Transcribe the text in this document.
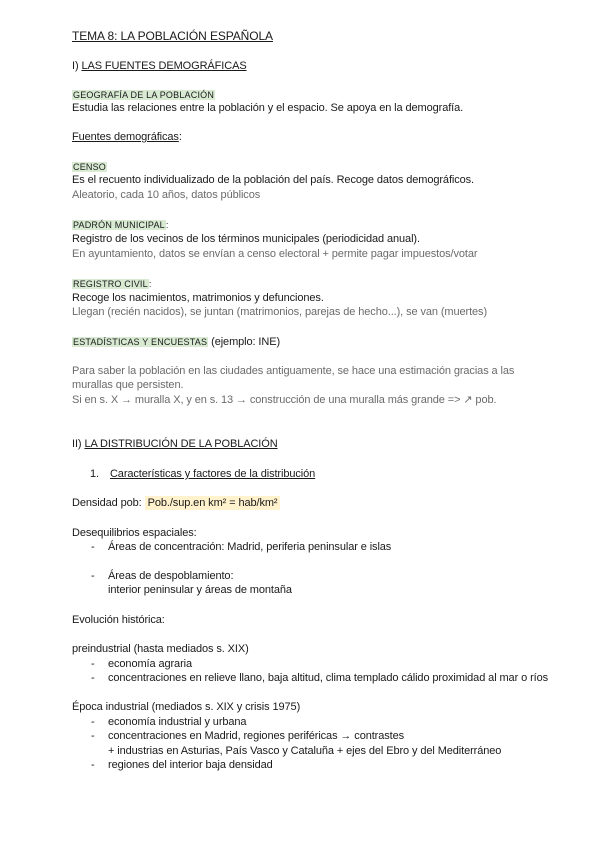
TEMA 8: LA POBLACIÓN ESPAÑOLA
I) LAS FUENTES DEMOGRÁFICAS
GEOGRAFÍA DE LA POBLACIÓN
Estudia las relaciones entre la población y el espacio. Se apoya en la demografía.
Fuentes demográficas:
CENSO
Es el recuento individualizado de la población del país. Recoge datos demográficos.
Aleatorio, cada 10 años, datos públicos
PADRÓN MUNICIPAL:
Registro de los vecinos de los términos municipales (periodicidad anual).
En ayuntamiento, datos se envían a censo electoral + permite pagar impuestos/votar
REGISTRO CIVIL:
Recoge los nacimientos, matrimonios y defunciones.
Llegan (recién nacidos), se juntan (matrimonios, parejas de hecho...), se van (muertes)
ESTADÍSTICAS Y ENCUESTAS (ejemplo: INE)
Para saber la población en las ciudades antiguamente, se hace una estimación gracias a las
murallas que persisten.
Si en s. X → muralla X, y en s. 13 → construcción de una muralla más grande => ↗ pob.
II) LA DISTRIBUCIÓN DE LA POBLACIÓN
1. Características y factores de la distribución
Densidad pob: Pob./sup.en km² = hab/km²
Desequilibrios espaciales:
- Áreas de concentración: Madrid, periferia peninsular e islas
- Áreas de despoblamiento:
interior peninsular y áreas de montaña
Evolución histórica:
preindustrial (hasta mediados s. XIX)
- economía agraria
- concentraciones en relieve llano, baja altitud, clima templado cálido proximidad al mar o ríos
Época industrial (mediados s. XIX y crisis 1975)
- economía industrial y urbana
- concentraciones en Madrid, regiones periféricas → contrastes
+ industrias en Asturias, País Vasco y Cataluña + ejes del Ebro y del Mediterráneo
- regiones del interior baja densidad
